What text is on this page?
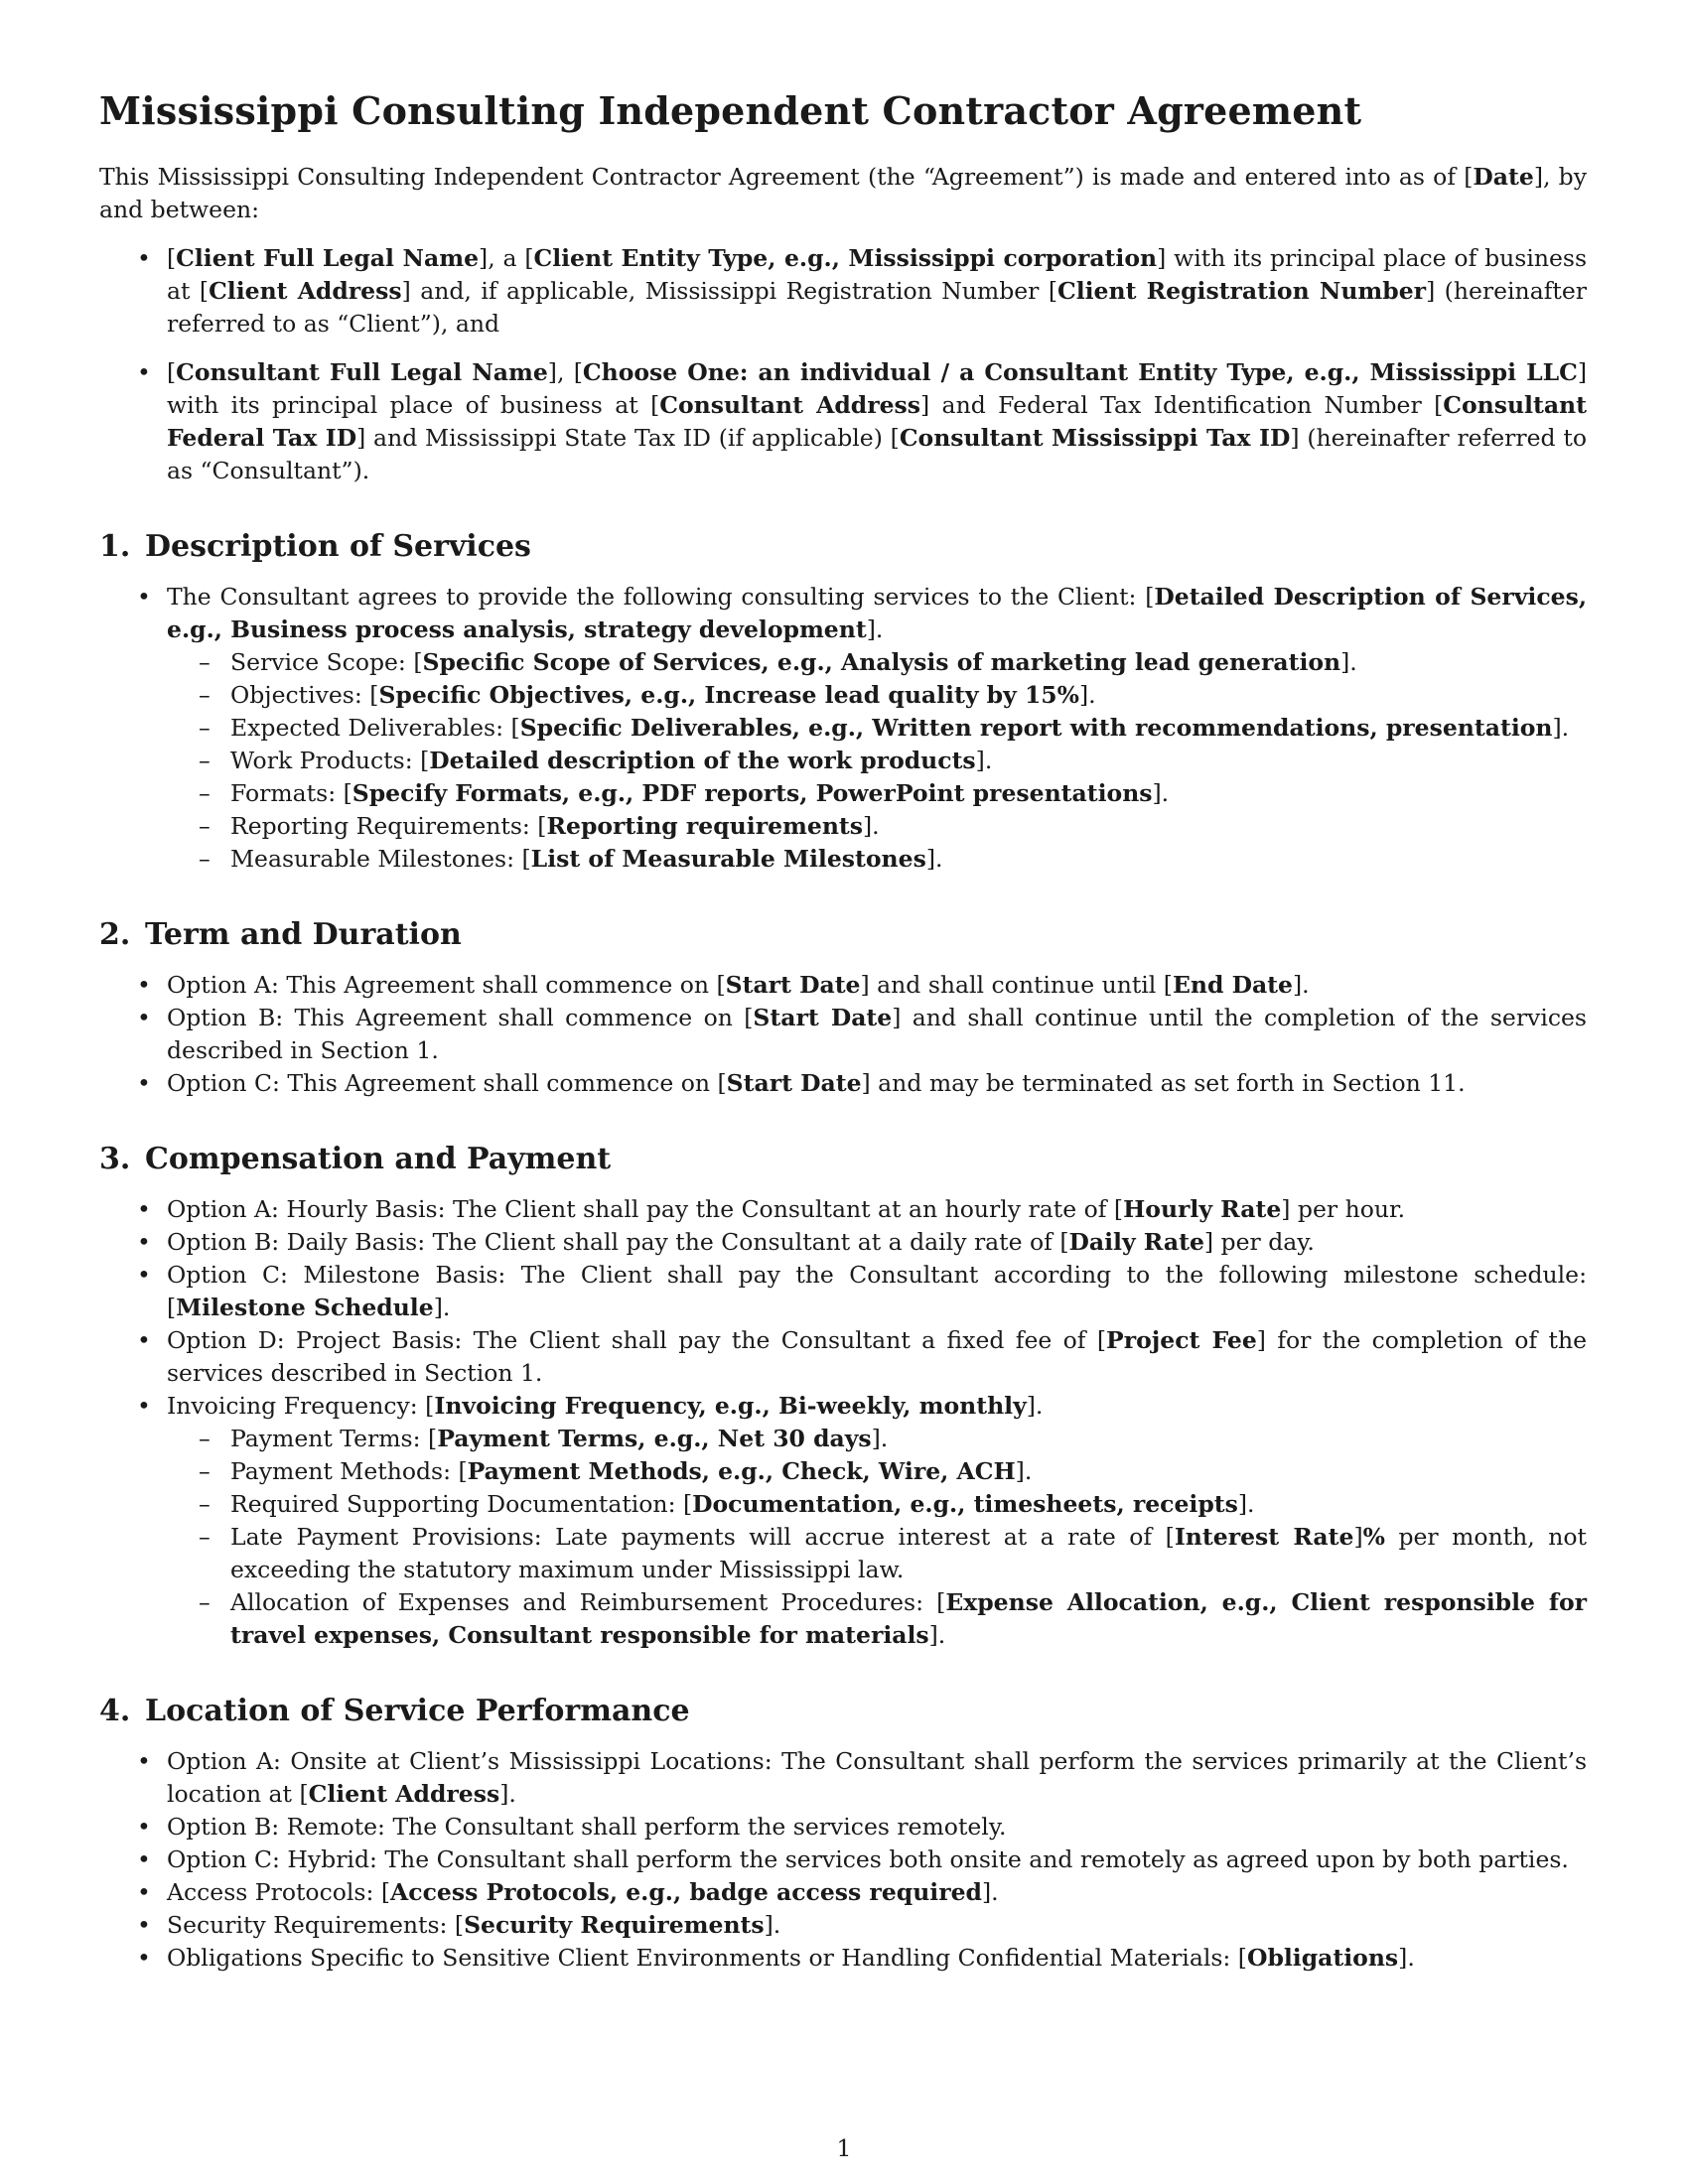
Mississippi Consulting Independent Contractor Agreement

This Mississippi Consulting Independent Contractor Agreement (the “Agreement”) is made and entered into as of [Date], by and between:

• [Client Full Legal Name], a [Client Entity Type, e.g., Mississippi corporation] with its principal place of business at [Client Address] and, if applicable, Mississippi Registration Number [Client Registration Number] (hereinafter referred to as “Client”), and
• [Consultant Full Legal Name], [Choose One: an individual / a Consultant Entity Type, e.g., Mississippi LLC] with its principal place of business at [Consultant Address] and Federal Tax Identification Number [Consultant Federal Tax ID] and Mississippi State Tax ID (if applicable) [Consultant Mississippi Tax ID] (hereinafter referred to as “Consultant”).
1. Description of Services
• The Consultant agrees to provide the following consulting services to the Client: [Detailed Description of Services, e.g., Business process analysis, strategy development].
– Service Scope: [Specific Scope of Services, e.g., Analysis of marketing lead generation].
– Objectives: [Specific Objectives, e.g., Increase lead quality by 15%].
– Expected Deliverables: [Specific Deliverables, e.g., Written report with recommendations, presentation].
– Work Products: [Detailed description of the work products].
– Formats: [Specify Formats, e.g., PDF reports, PowerPoint presentations].
– Reporting Requirements: [Reporting requirements].
– Measurable Milestones: [List of Measurable Milestones].
2. Term and Duration
• Option A: This Agreement shall commence on [Start Date] and shall continue until [End Date].
• Option B: This Agreement shall commence on [Start Date] and shall continue until the completion of the services described in Section 1.
• Option C: This Agreement shall commence on [Start Date] and may be terminated as set forth in Section 11.
3. Compensation and Payment
• Option A: Hourly Basis: The Client shall pay the Consultant at an hourly rate of [Hourly Rate] per hour.
• Option B: Daily Basis: The Client shall pay the Consultant at a daily rate of [Daily Rate] per day.
• Option C: Milestone Basis: The Client shall pay the Consultant according to the following milestone schedule: [Milestone Schedule].
• Option D: Project Basis: The Client shall pay the Consultant a fixed fee of [Project Fee] for the completion of the services described in Section 1.
• Invoicing Frequency: [Invoicing Frequency, e.g., Bi-weekly, monthly].
– Payment Terms: [Payment Terms, e.g., Net 30 days].
– Payment Methods: [Payment Methods, e.g., Check, Wire, ACH].
– Required Supporting Documentation: [Documentation, e.g., timesheets, receipts].
– Late Payment Provisions: Late payments will accrue interest at a rate of [Interest Rate]% per month, not exceeding the statutory maximum under Mississippi law.
– Allocation of Expenses and Reimbursement Procedures: [Expense Allocation, e.g., Client responsible for travel expenses, Consultant responsible for materials].
4. Location of Service Performance
• Option A: Onsite at Client’s Mississippi Locations: The Consultant shall perform the services primarily at the Client’s location at [Client Address].
• Option B: Remote: The Consultant shall perform the services remotely.
• Option C: Hybrid: The Consultant shall perform the services both onsite and remotely as agreed upon by both parties.
• Access Protocols: [Access Protocols, e.g., badge access required].
• Security Requirements: [Security Requirements].
• Obligations Specific to Sensitive Client Environments or Handling Confidential Materials: [Obligations].
1
